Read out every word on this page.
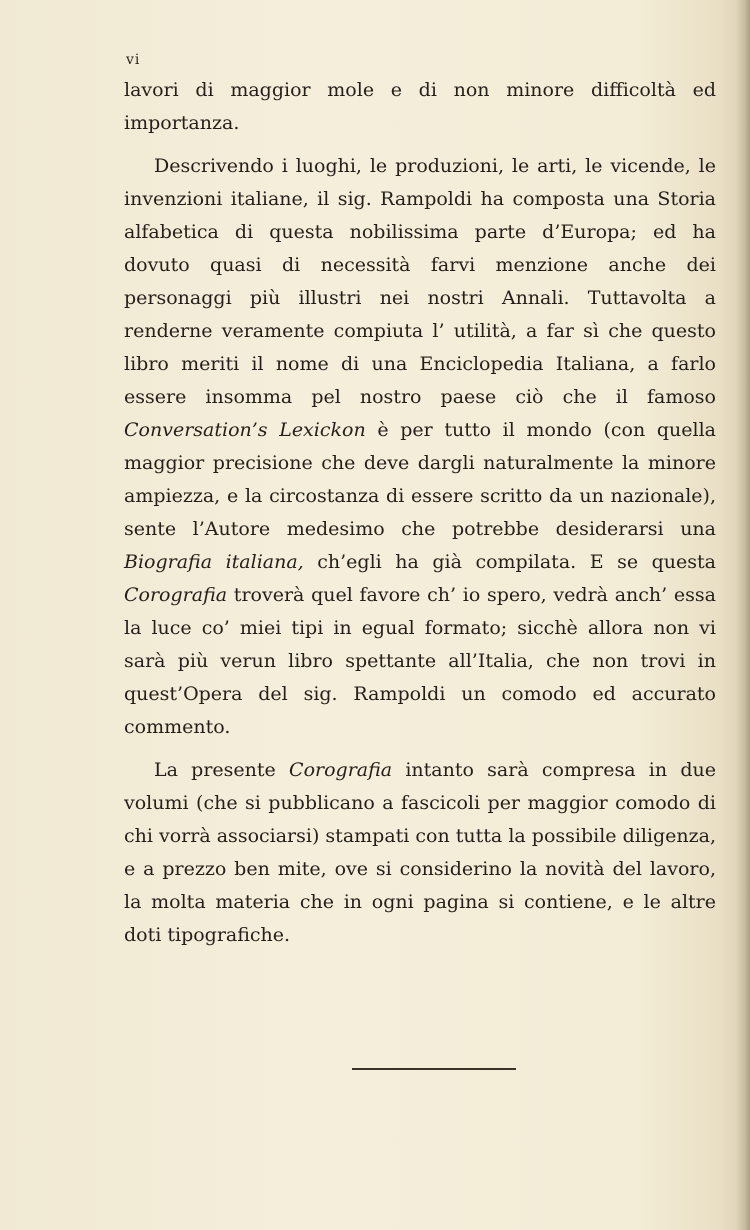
vi

lavori di maggior mole e di non minore difficoltà ed importanza.

Descrivendo i luoghi, le produzioni, le arti, le vicende, le invenzioni italiane, il sig. Rampoldi ha composta una Storia alfabetica di questa nobilissima parte d’Europa; ed ha dovuto quasi di necessità farvi menzione anche dei personaggi più illustri nei nostri Annali. Tuttavolta a renderne veramente compiuta l’ utilità, a far sì che questo libro meriti il nome di una Enciclopedia Italiana, a farlo essere insomma pel nostro paese ciò che il famoso Conversation’s Lexickon è per tutto il mondo (con quella maggior precisione che deve dargli naturalmente la minore ampiezza, e la circostanza di essere scritto da un nazionale), sente l’Autore medesimo che potrebbe desiderarsi una Biografia italiana, ch’egli ha già compilata. E se questa Corografia troverà quel favore ch’ io spero, vedrà anch’ essa la luce co’ miei tipi in egual formato; sicchè allora non vi sarà più verun libro spettante all’Italia, che non trovi in quest’Opera del sig. Rampoldi un comodo ed accurato commento.

La presente Corografia intanto sarà compresa in due volumi (che si pubblicano a fascicoli per maggior comodo di chi vorrà associarsi) stampati con tutta la possibile diligenza, e a prezzo ben mite, ove si considerino la novità del lavoro, la molta materia che in ogni pagina si contiene, e le altre doti tipografiche.
